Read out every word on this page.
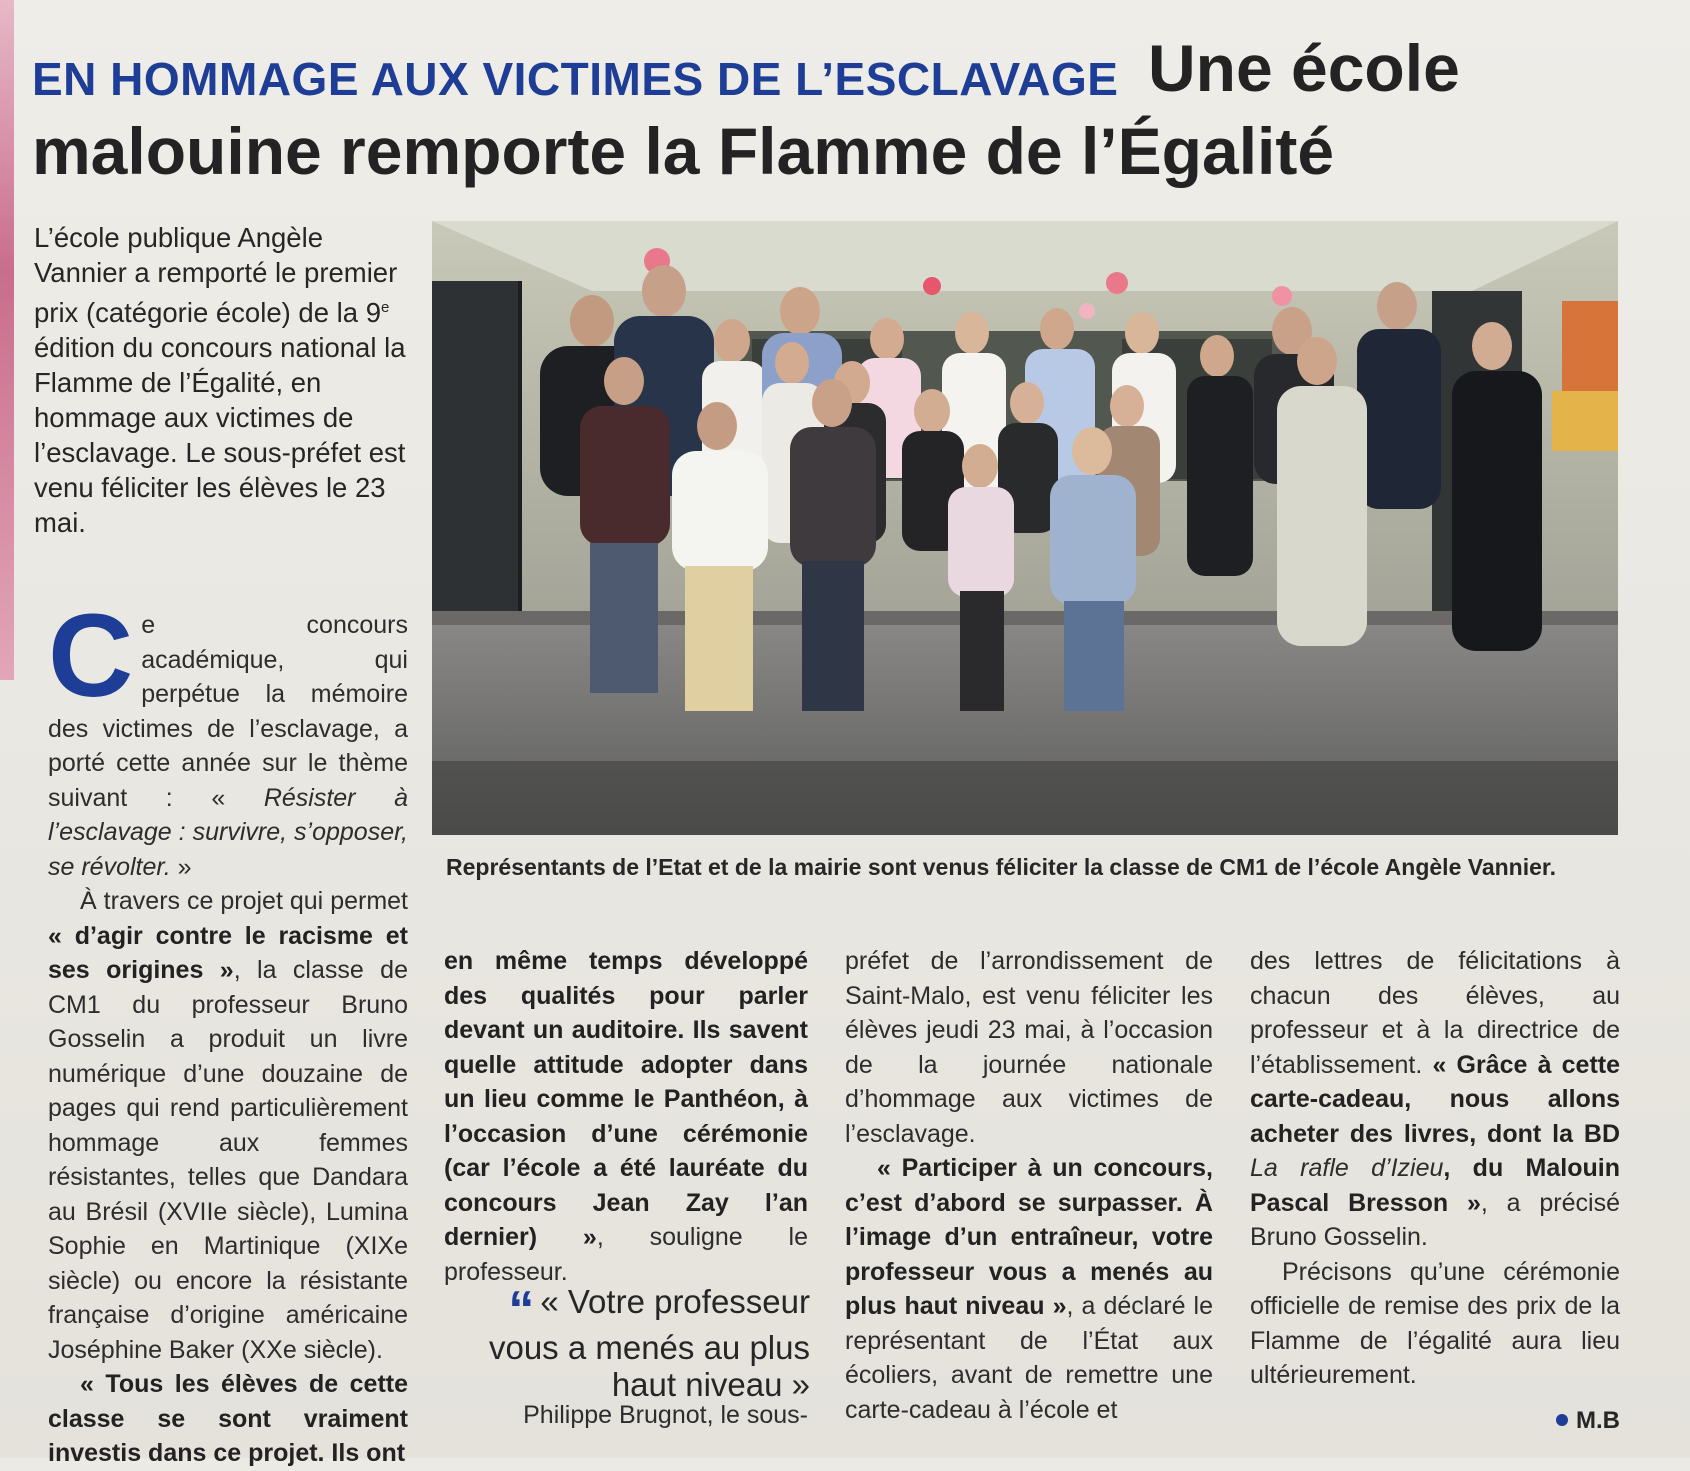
EN HOMMAGE AUX VICTIMES DE L’ESCLAVAGE Une école
malouine remporte la Flamme de l’Égalité

L’école publique Angèle Vannier a remporté le premier prix (catégorie école) de la 9e édition du concours national la Flamme de l’Égalité, en hommage aux victimes de l’esclavage. Le sous-préfet est venu féliciter les élèves le 23 mai.

Représentants de l’Etat et de la mairie sont venus féliciter la classe de CM1 de l’école Angèle Vannier.

Ce concours académique, qui perpétue la mémoire des victimes de l’esclavage, a porté cette année sur le thème suivant : « Résister à l’esclavage : survivre, s’opposer, se révolter. »

À travers ce projet qui permet « d’agir contre le racisme et ses origines », la classe de CM1 du professeur Bruno Gosselin a produit un livre numérique d’une douzaine de pages qui rend particulièrement hommage aux femmes résistantes, telles que Dandara au Brésil (XVIIe siècle), Lumina Sophie en Martinique (XIXe siècle) ou encore la résistante française d’origine américaine Joséphine Baker (XXe siècle).

« Tous les élèves de cette classe se sont vraiment investis dans ce projet. Ils ont

en même temps développé des qualités pour parler devant un auditoire. Ils savent quelle attitude adopter dans un lieu comme le Panthéon, à l’occasion d’une cérémonie (car l’école a été lauréate du concours Jean Zay l’an dernier) », souligne le professeur.

“ « Votre professeur vous a menés au plus haut niveau »

Philippe Brugnot, le sous-

préfet de l’arrondissement de Saint-Malo, est venu féliciter les élèves jeudi 23 mai, à l’occasion de la journée nationale d’hommage aux victimes de l’esclavage.

« Participer à un concours, c’est d’abord se surpasser. À l’image d’un entraîneur, votre professeur vous a menés au plus haut niveau », a déclaré le représentant de l’État aux écoliers, avant de remettre une carte-cadeau à l’école et

des lettres de félicitations à chacun des élèves, au professeur et à la directrice de l’établissement. « Grâce à cette carte-cadeau, nous allons acheter des livres, dont la BD La rafle d’Izieu, du Malouin Pascal Bresson », a précisé Bruno Gosselin.

Précisons qu’une cérémonie officielle de remise des prix de la Flamme de l’égalité aura lieu ultérieurement.

M.B
